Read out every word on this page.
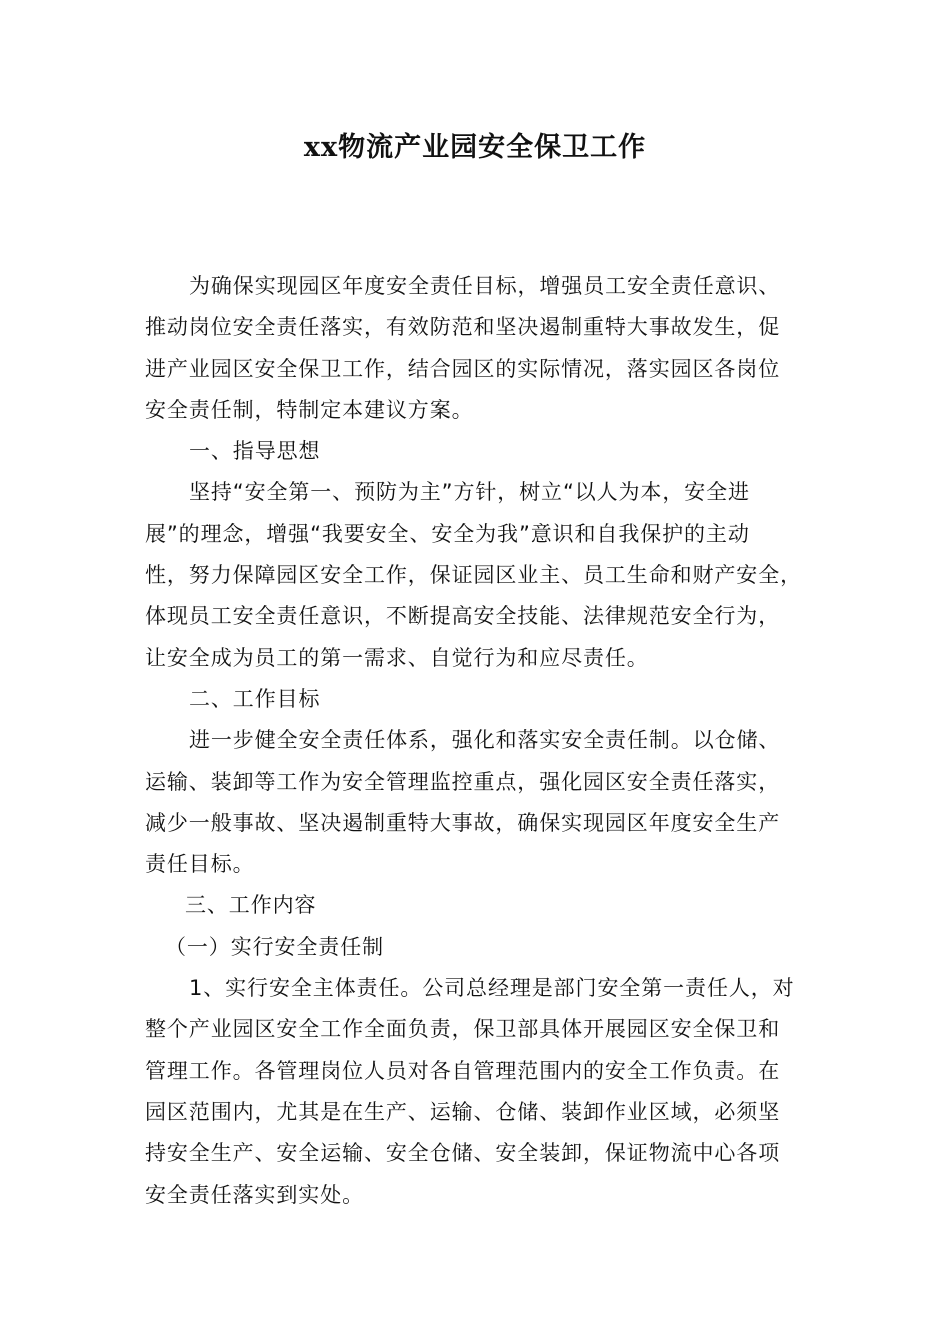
xx物流产业园安全保卫工作
为确保实现园区年度安全责任目标，增强员工安全责任意识、
推动岗位安全责任落实，有效防范和坚决遏制重特大事故发生，促
进产业园区安全保卫工作，结合园区的实际情况，落实园区各岗位
安全责任制，特制定本建议方案。
一、指导思想
坚持“安全第一、预防为主”方针，树立“以人为本，安全进
展”的理念，增强“我要安全、安全为我”意识和自我保护的主动
性，努力保障园区安全工作，保证园区业主、员工生命和财产安全，
体现员工安全责任意识，不断提高安全技能、法律规范安全行为，
让安全成为员工的第一需求、自觉行为和应尽责任。
二、工作目标
进一步健全安全责任体系，强化和落实安全责任制。以仓储、
运输、装卸等工作为安全管理监控重点，强化园区安全责任落实，
减少一般事故、坚决遏制重特大事故，确保实现园区年度安全生产
责任目标。
三、工作内容
（一）实行安全责任制
1、实行安全主体责任。公司总经理是部门安全第一责任人，对
整个产业园区安全工作全面负责，保卫部具体开展园区安全保卫和
管理工作。各管理岗位人员对各自管理范围内的安全工作负责。在
园区范围内，尤其是在生产、运输、仓储、装卸作业区域，必须坚
持安全生产、安全运输、安全仓储、安全装卸，保证物流中心各项
安全责任落实到实处。
